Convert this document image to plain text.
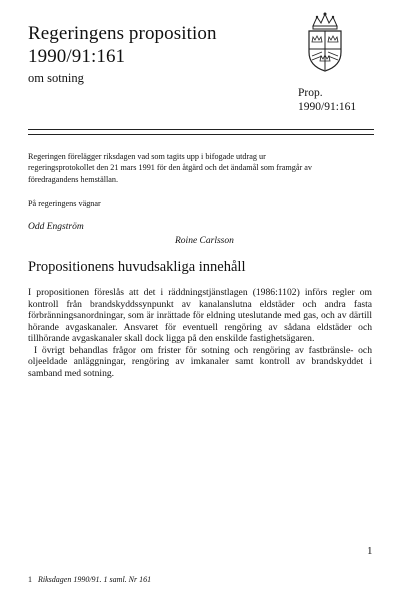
Regeringens proposition
1990/91:161
om sotning
Prop.
1990/91:161
Regeringen förelägger riksdagen vad som tagits upp i bifogade utdrag ur regeringsprotokollet den 21 mars 1991 för den åtgärd och det ändamål som framgår av föredragandens hemställan.
På regeringens vägnar
Odd Engström
Roine Carlsson
Propositionens huvudsakliga innehåll

I propositionen föreslås att det i räddningstjänstlagen (1986:1102) införs regler om kontroll från brandskyddssynpunkt av kanalanslutna eldstäder och andra fasta förbränningsanordningar, som är inrättade för eldning uteslutande med gas, och av därtill hörande avgaskanaler. Ansvaret för eventuell rengöring av sådana eldstäder och tillhörande avgaskanaler skall dock ligga på den enskilde fastighetsägaren.

I övrigt behandlas frågor om frister för sotning och rengöring av fastbränsle- och oljeeldade anläggningar, rengöring av imkanaler samt kontroll av brandskyddet i samband med sotning.

1
1 Riksdagen 1990/91. 1 saml. Nr 161
